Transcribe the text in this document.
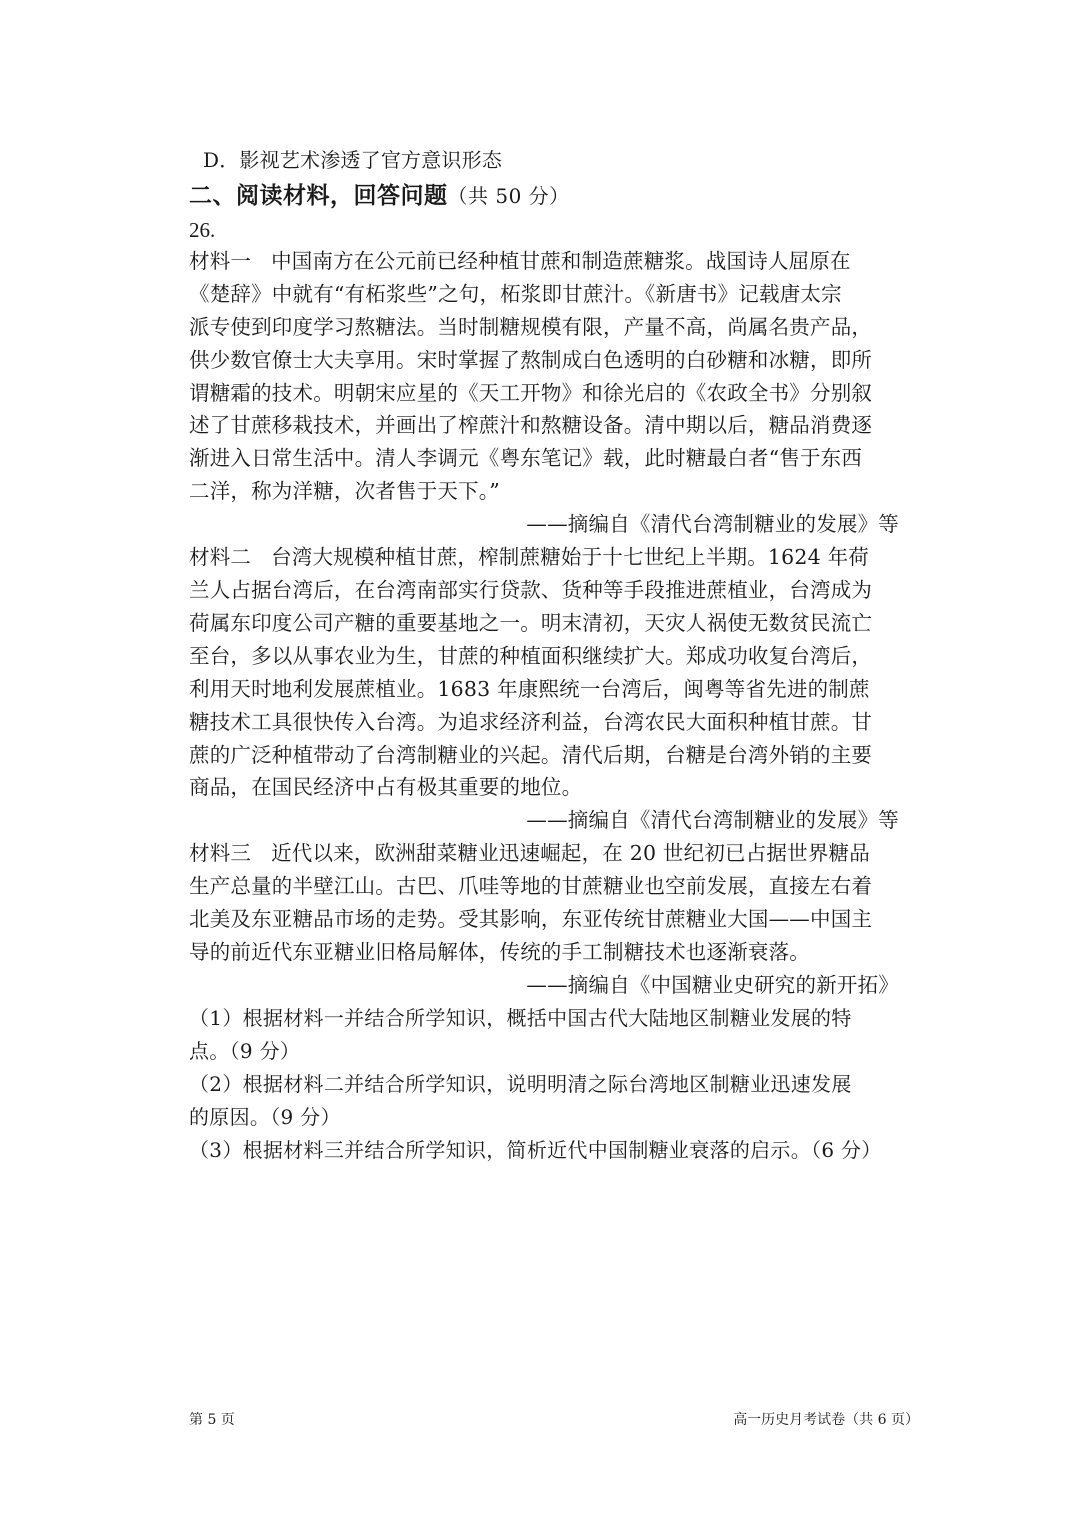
D．影视艺术渗透了官方意识形态
二、阅读材料，回答问题（共 50 分）
26.
材料一 中国南方在公元前已经种植甘蔗和制造蔗糖浆。战国诗人屈原在
《楚辞》中就有“有柘浆些”之句，柘浆即甘蔗汁。《新唐书》记载唐太宗
派专使到印度学习熬糖法。当时制糖规模有限，产量不高，尚属名贵产品，
供少数官僚士大夫享用。宋时掌握了熬制成白色透明的白砂糖和冰糖，即所
谓糖霜的技术。明朝宋应星的《天工开物》和徐光启的《农政全书》分别叙
述了甘蔗移栽技术，并画出了榨蔗汁和熬糖设备。清中期以后，糖品消费逐
渐进入日常生活中。清人李调元《粤东笔记》载，此时糖最白者“售于东西
二洋，称为洋糖，次者售于天下。”
——摘编自《清代台湾制糖业的发展》等
材料二 台湾大规模种植甘蔗，榨制蔗糖始于十七世纪上半期。1624 年荷
兰人占据台湾后，在台湾南部实行贷款、货种等手段推进蔗植业，台湾成为
荷属东印度公司产糖的重要基地之一。明末清初，天灾人祸使无数贫民流亡
至台，多以从事农业为生，甘蔗的种植面积继续扩大。郑成功收复台湾后，
利用天时地利发展蔗植业。1683 年康熙统一台湾后，闽粤等省先进的制蔗
糖技术工具很快传入台湾。为追求经济利益，台湾农民大面积种植甘蔗。甘
蔗的广泛种植带动了台湾制糖业的兴起。清代后期，台糖是台湾外销的主要
商品，在国民经济中占有极其重要的地位。
——摘编自《清代台湾制糖业的发展》等
材料三 近代以来，欧洲甜菜糖业迅速崛起，在 20 世纪初已占据世界糖品
生产总量的半壁江山。古巴、爪哇等地的甘蔗糖业也空前发展，直接左右着
北美及东亚糖品市场的走势。受其影响，东亚传统甘蔗糖业大国——中国主
导的前近代东亚糖业旧格局解体，传统的手工制糖技术也逐渐衰落。
——摘编自《中国糖业史研究的新开拓》
（1）根据材料一并结合所学知识，概括中国古代大陆地区制糖业发展的特
点。（9 分）
（2）根据材料二并结合所学知识，说明明清之际台湾地区制糖业迅速发展
的原因。（9 分）
（3）根据材料三并结合所学知识，简析近代中国制糖业衰落的启示。（6 分）
第 5 页	高一历史月考试卷（共 6 页）
